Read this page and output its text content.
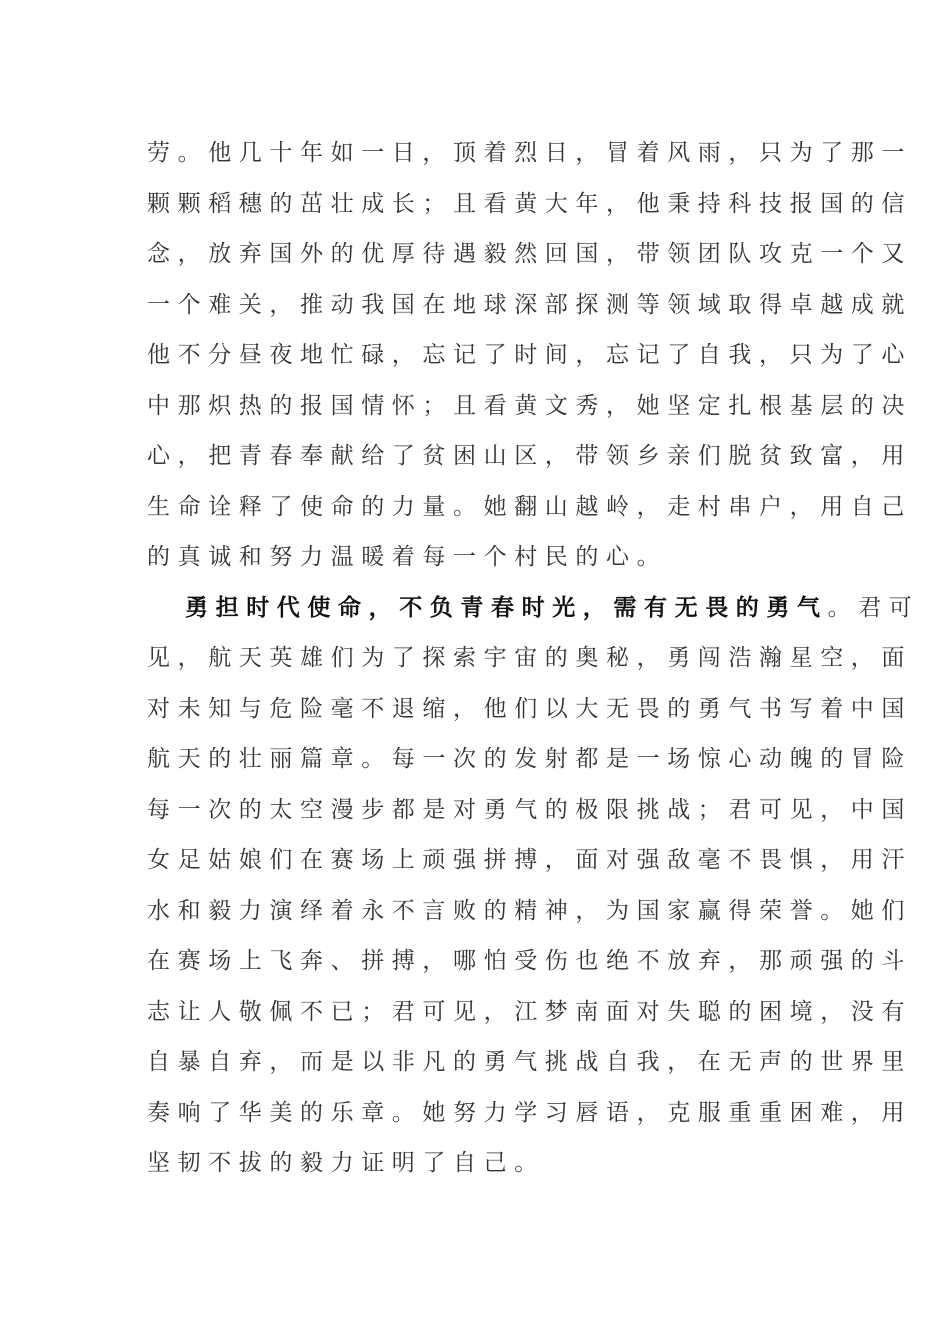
劳。他几十年如一日，顶着烈日，冒着风雨，只为了那一
颗颗稻穗的茁壮成长；且看黄大年，他秉持科技报国的信
念，放弃国外的优厚待遇毅然回国，带领团队攻克一个又
一个难关，推动我国在地球深部探测等领域取得卓越成就
他不分昼夜地忙碌，忘记了时间，忘记了自我，只为了心
中那炽热的报国情怀；且看黄文秀，她坚定扎根基层的决
心，把青春奉献给了贫困山区，带领乡亲们脱贫致富，用
生命诠释了使命的力量。她翻山越岭，走村串户，用自己
的真诚和努力温暖着每一个村民的心。
勇担时代使命，不负青春时光，需有无畏的勇气。君可
见，航天英雄们为了探索宇宙的奥秘，勇闯浩瀚星空，面
对未知与危险毫不退缩，他们以大无畏的勇气书写着中国
航天的壮丽篇章。每一次的发射都是一场惊心动魄的冒险
每一次的太空漫步都是对勇气的极限挑战；君可见，中国
女足姑娘们在赛场上顽强拼搏，面对强敌毫不畏惧，用汗
水和毅力演绎着永不言败的精神，为国家赢得荣誉。她们
在赛场上飞奔、拼搏，哪怕受伤也绝不放弃，那顽强的斗
志让人敬佩不已；君可见，江梦南面对失聪的困境，没有
自暴自弃，而是以非凡的勇气挑战自我，在无声的世界里
奏响了华美的乐章。她努力学习唇语，克服重重困难，用
坚韧不拔的毅力证明了自己。
